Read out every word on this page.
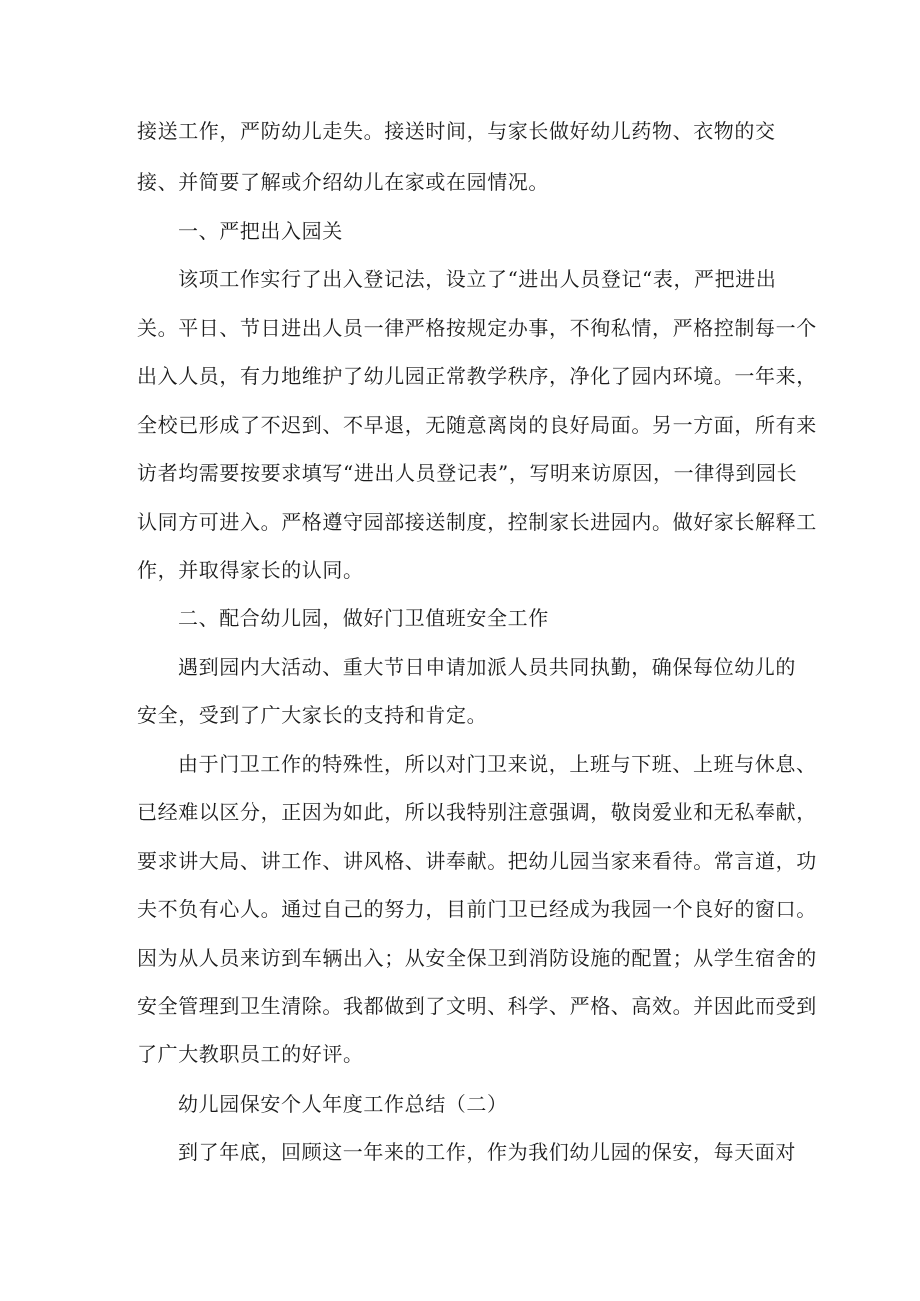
接送工作，严防幼儿走失。接送时间，与家长做好幼儿药物、衣物的交
接、并简要了解或介绍幼儿在家或在园情况。
一、严把出入园关
该项工作实行了出入登记法，设立了“进出人员登记“表，严把进出
关。平日、节日进出人员一律严格按规定办事，不徇私情，严格控制每一个
出入人员，有力地维护了幼儿园正常教学秩序，净化了园内环境。一年来，
全校已形成了不迟到、不早退，无随意离岗的良好局面。另一方面，所有来
访者均需要按要求填写“进出人员登记表”，写明来访原因，一律得到园长
认同方可进入。严格遵守园部接送制度，控制家长进园内。做好家长解释工
作，并取得家长的认同。
二、配合幼儿园，做好门卫值班安全工作
遇到园内大活动、重大节日申请加派人员共同执勤，确保每位幼儿的
安全，受到了广大家长的支持和肯定。
由于门卫工作的特殊性，所以对门卫来说，上班与下班、上班与休息、
已经难以区分，正因为如此，所以我特别注意强调，敬岗爱业和无私奉献，
要求讲大局、讲工作、讲风格、讲奉献。把幼儿园当家来看待。常言道，功
夫不负有心人。通过自己的努力，目前门卫已经成为我园一个良好的窗口。
因为从人员来访到车辆出入；从安全保卫到消防设施的配置；从学生宿舍的
安全管理到卫生清除。我都做到了文明、科学、严格、高效。并因此而受到
了广大教职员工的好评。
幼儿园保安个人年度工作总结（二）
到了年底，回顾这一年来的工作，作为我们幼儿园的保安，每天面对
